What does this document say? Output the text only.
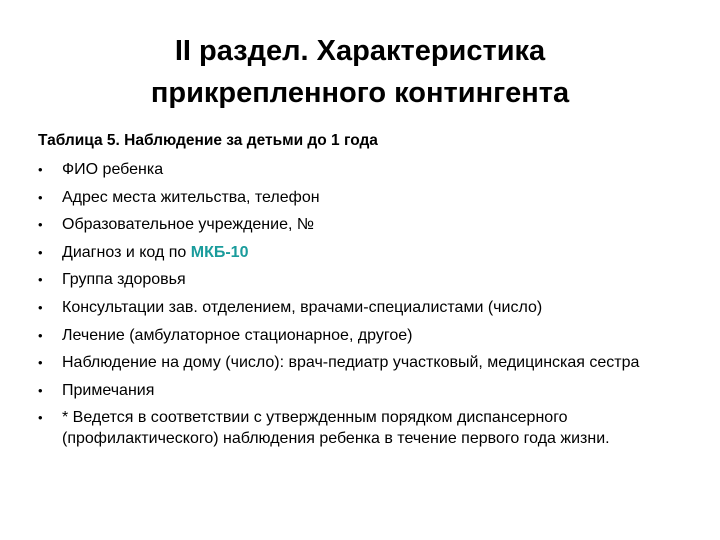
II раздел. Характеристика
прикрепленного контингента
Таблица 5. Наблюдение за детьми до 1 года
• ФИО ребенка
• Адрес места жительства, телефон
• Образовательное учреждение, №
• Диагноз и код по МКБ-10
• Группа здоровья
• Консультации зав. отделением, врачами-специалистами (число)
• Лечение (амбулаторное стационарное, другое)
• Наблюдение на дому (число): врач-педиатр участковый, медицинская сестра
• Примечания
• * Ведется в соответствии с утвержденным порядком диспансерного (профилактического) наблюдения ребенка в течение первого года жизни.
